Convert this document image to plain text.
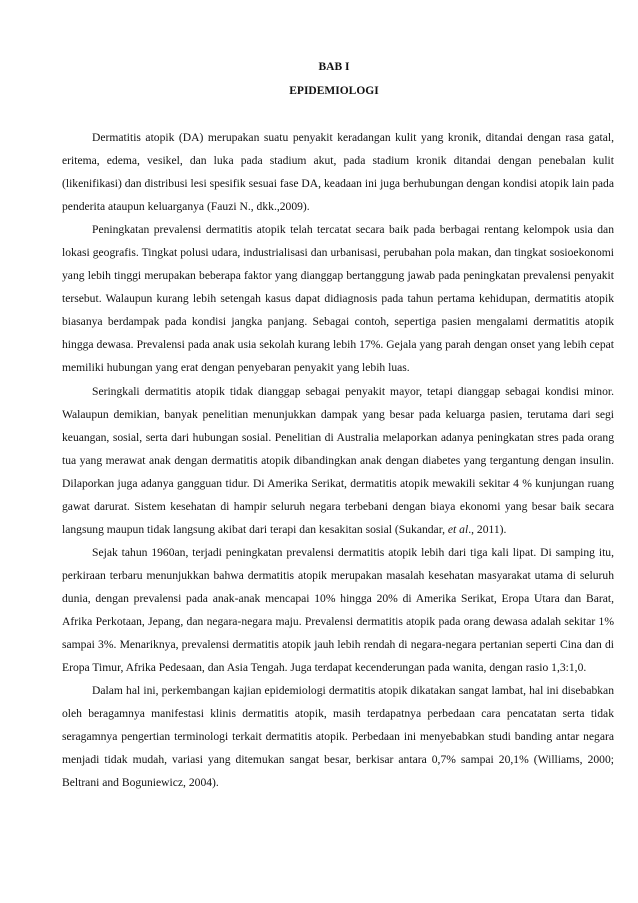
BAB I
EPIDEMIOLOGI

Dermatitis atopik (DA) merupakan suatu penyakit keradangan kulit yang kronik, ditandai dengan rasa gatal, eritema, edema, vesikel, dan luka pada stadium akut, pada stadium kronik ditandai dengan penebalan kulit (likenifikasi) dan distribusi lesi spesifik sesuai fase DA, keadaan ini juga berhubungan dengan kondisi atopik lain pada penderita ataupun keluarganya (Fauzi N., dkk.,2009).

Peningkatan prevalensi dermatitis atopik telah tercatat secara baik pada berbagai rentang kelompok usia dan lokasi geografis. Tingkat polusi udara, industrialisasi dan urbanisasi, perubahan pola makan, dan tingkat sosioekonomi yang lebih tinggi merupakan beberapa faktor yang dianggap bertanggung jawab pada peningkatan prevalensi penyakit tersebut. Walaupun kurang lebih setengah kasus dapat didiagnosis pada tahun pertama kehidupan, dermatitis atopik biasanya berdampak pada kondisi jangka panjang. Sebagai contoh, sepertiga pasien mengalami dermatitis atopik hingga dewasa. Prevalensi pada anak usia sekolah kurang lebih 17%. Gejala yang parah dengan onset yang lebih cepat memiliki hubungan yang erat dengan penyebaran penyakit yang lebih luas.

Seringkali dermatitis atopik tidak dianggap sebagai penyakit mayor, tetapi dianggap sebagai kondisi minor. Walaupun demikian, banyak penelitian menunjukkan dampak yang besar pada keluarga pasien, terutama dari segi keuangan, sosial, serta dari hubungan sosial. Penelitian di Australia melaporkan adanya peningkatan stres pada orang tua yang merawat anak dengan dermatitis atopik dibandingkan anak dengan diabetes yang tergantung dengan insulin. Dilaporkan juga adanya gangguan tidur. Di Amerika Serikat, dermatitis atopik mewakili sekitar 4 % kunjungan ruang gawat darurat. Sistem kesehatan di hampir seluruh negara terbebani dengan biaya ekonomi yang besar baik secara langsung maupun tidak langsung akibat dari terapi dan kesakitan sosial (Sukandar, et al., 2011).

Sejak tahun 1960an, terjadi peningkatan prevalensi dermatitis atopik lebih dari tiga kali lipat. Di samping itu, perkiraan terbaru menunjukkan bahwa dermatitis atopik merupakan masalah kesehatan masyarakat utama di seluruh dunia, dengan prevalensi pada anak-anak mencapai 10% hingga 20% di Amerika Serikat, Eropa Utara dan Barat, Afrika Perkotaan, Jepang, dan negara-negara maju. Prevalensi dermatitis atopik pada orang dewasa adalah sekitar 1% sampai 3%. Menariknya, prevalensi dermatitis atopik jauh lebih rendah di negara-negara pertanian seperti Cina dan di Eropa Timur, Afrika Pedesaan, dan Asia Tengah. Juga terdapat kecenderungan pada wanita, dengan rasio 1,3:1,0.

Dalam hal ini, perkembangan kajian epidemiologi dermatitis atopik dikatakan sangat lambat, hal ini disebabkan oleh beragamnya manifestasi klinis dermatitis atopik, masih terdapatnya perbedaan cara pencatatan serta tidak seragamnya pengertian terminologi terkait dermatitis atopik. Perbedaan ini menyebabkan studi banding antar negara menjadi tidak mudah, variasi yang ditemukan sangat besar, berkisar antara 0,7% sampai 20,1% (Williams, 2000; Beltrani and Boguniewicz, 2004).
